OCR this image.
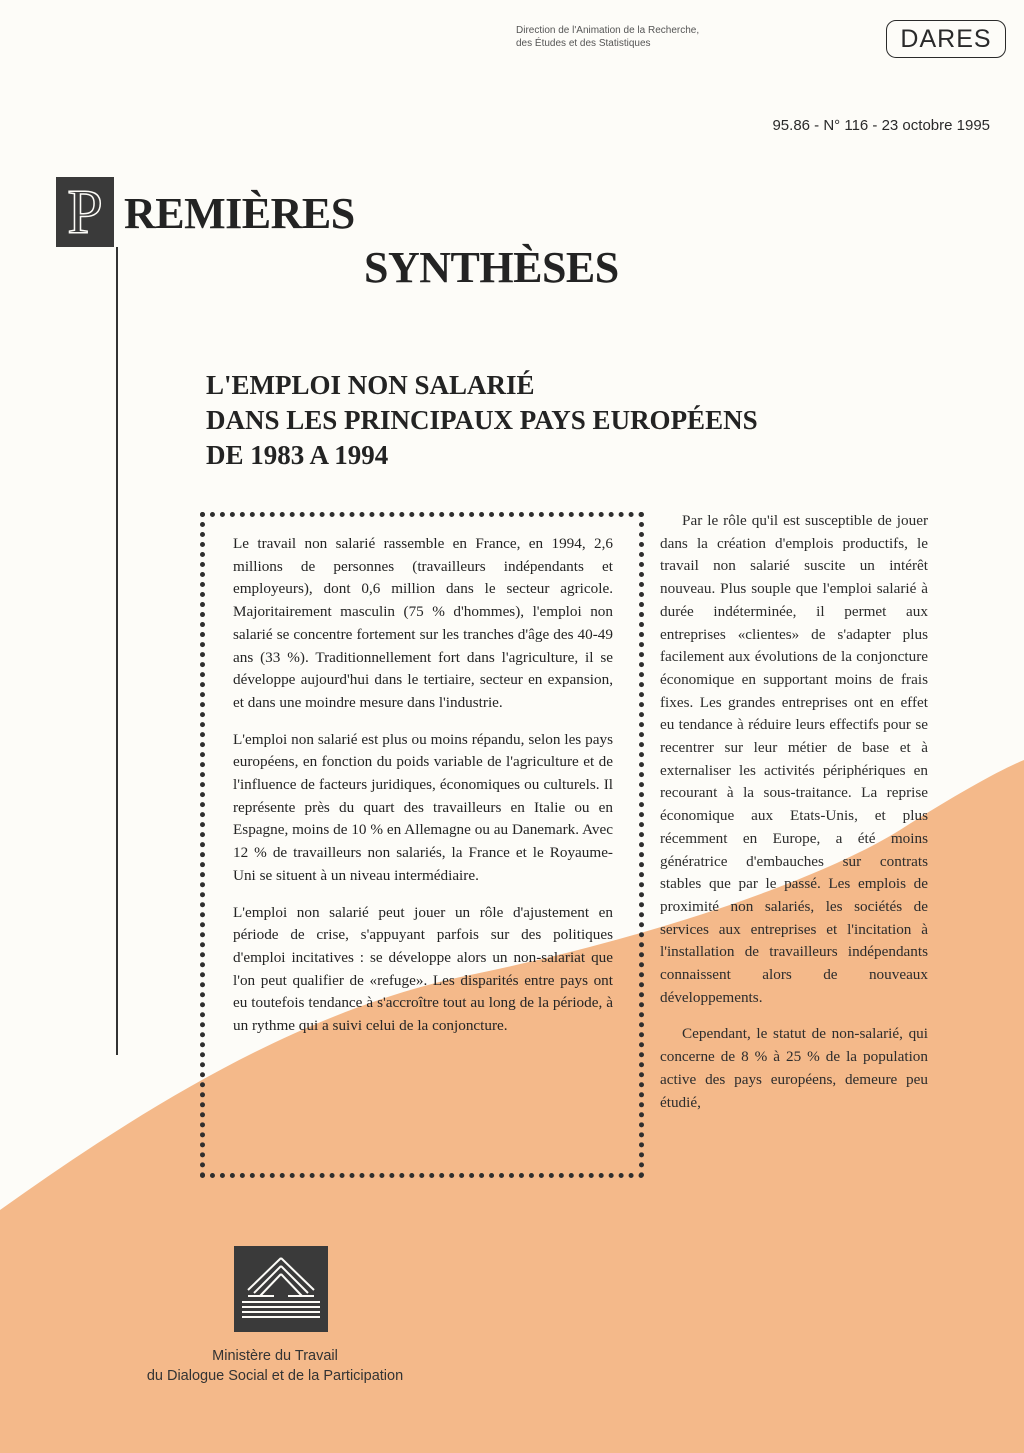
Direction de l'Animation de la Recherche,
des Études et des Statistiques	DARES
95.86 - N° 116 - 23 octobre 1995
P REMIÈRES
SYNTHÈSES
L'EMPLOI NON SALARIÉ
DANS LES PRINCIPAUX PAYS EUROPÉENS
DE 1983 A 1994

Le travail non salarié rassemble en France, en 1994, 2,6 millions de personnes (travailleurs indépendants et employeurs), dont 0,6 million dans le secteur agricole. Majoritairement masculin (75 % d'hommes), l'emploi non salarié se concentre fortement sur les tranches d'âge des 40-49 ans (33 %). Traditionnellement fort dans l'agriculture, il se développe aujourd'hui dans le tertiaire, secteur en expansion, et dans une moindre mesure dans l'industrie.

L'emploi non salarié est plus ou moins répandu, selon les pays européens, en fonction du poids variable de l'agriculture et de l'influence de facteurs juridiques, économiques ou culturels. Il représente près du quart des travailleurs en Italie ou en Espagne, moins de 10 % en Allemagne ou au Danemark. Avec 12 % de travailleurs non salariés, la France et le Royaume-Uni se situent à un niveau intermédiaire.

L'emploi non salarié peut jouer un rôle d'ajustement en période de crise, s'appuyant parfois sur des politiques d'emploi incitatives : se développe alors un non-salariat que l'on peut qualifier de «refuge». Les disparités entre pays ont eu toutefois tendance à s'accroître tout au long de la période, à un rythme qui a suivi celui de la conjoncture.

Par le rôle qu'il est susceptible de jouer dans la création d'emplois productifs, le travail non salarié suscite un intérêt nouveau. Plus souple que l'emploi salarié à durée indéterminée, il permet aux entreprises «clientes» de s'adapter plus facilement aux évolutions de la conjoncture économique en supportant moins de frais fixes. Les grandes entreprises ont en effet eu tendance à réduire leurs effectifs pour se recentrer sur leur métier de base et à externaliser les activités périphériques en recourant à la sous-traitance. La reprise économique aux Etats-Unis, et plus récemment en Europe, a été moins génératrice d'embauches sur contrats stables que par le passé. Les emplois de proximité non salariés, les sociétés de services aux entreprises et l'incitation à l'installation de travailleurs indépendants connaissent alors de nouveaux développements.

Cependant, le statut de non-salarié, qui concerne de 8 % à 25 % de la population active des pays européens, demeure peu étudié,

Ministère du Travail
du Dialogue Social et de la Participation
